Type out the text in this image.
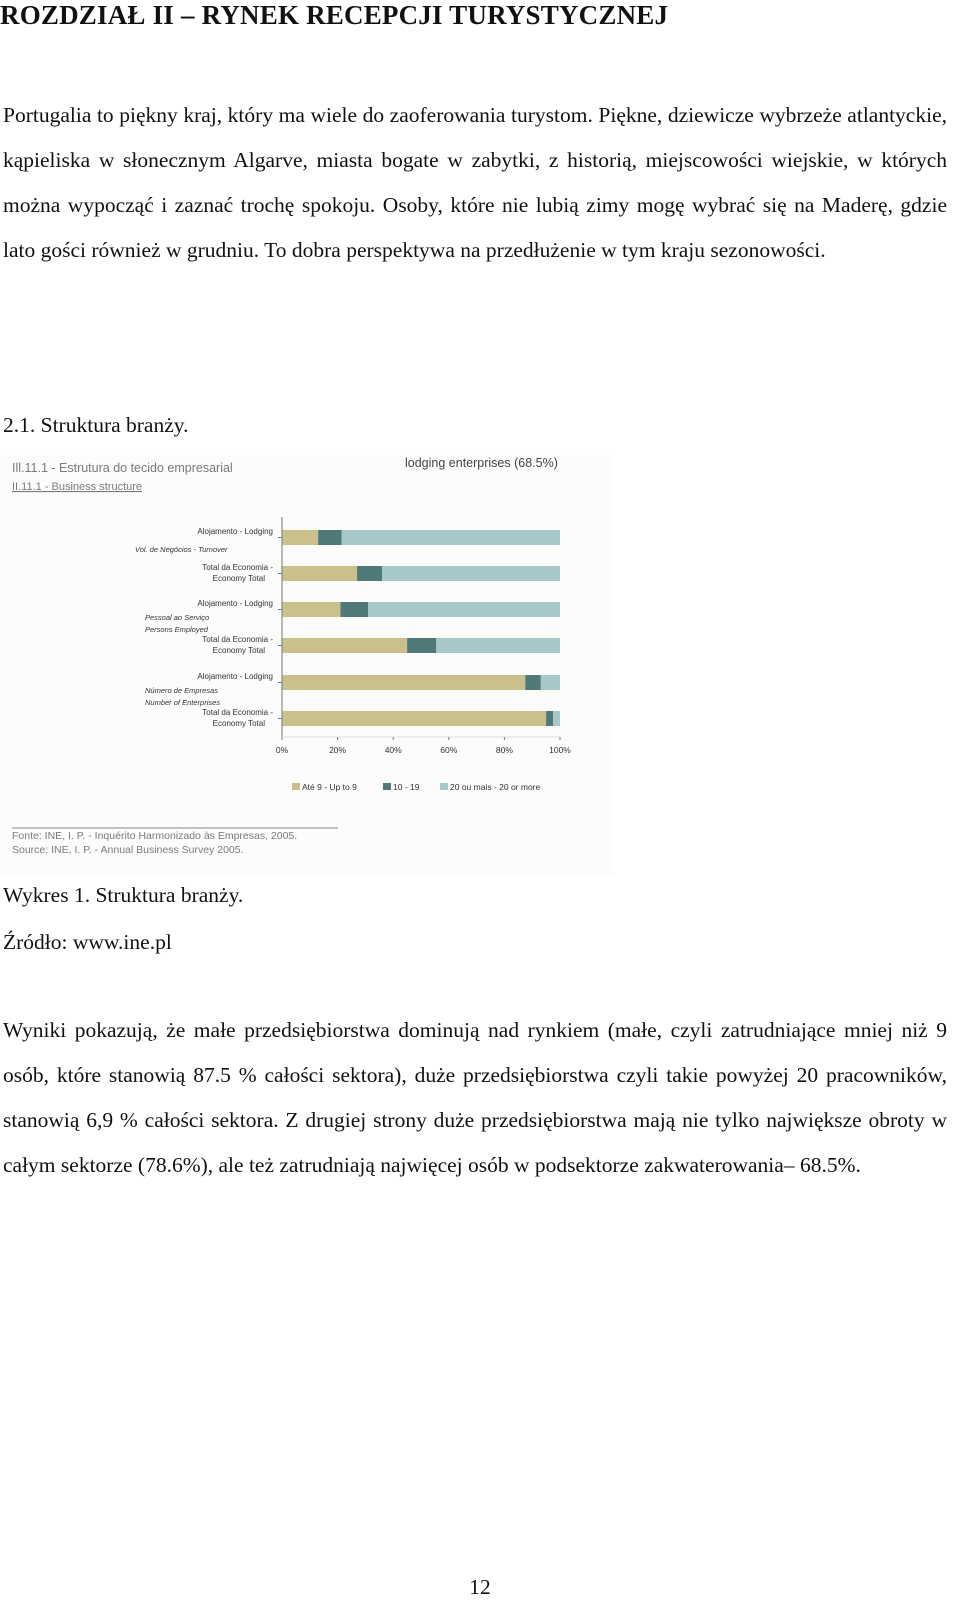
ROZDZIAŁ II – RYNEK RECEPCJI TURYSTYCZNEJ

Portugalia to piękny kraj, który ma wiele do zaoferowania turystom. Piękne, dziewicze wybrzeże atlantyckie, kąpieliska w słonecznym Algarve, miasta bogate w zabytki, z historią, miejscowości wiejskie, w których można wypocząć i zaznać trochę spokoju. Osoby, które nie lubią zimy mogę wybrać się na Maderę, gdzie lato gości również w grudniu. To dobra perspektywa na przedłużenie w tym kraju sezonowości.

2.1. Struktura branży.
Ill.11.1 - Estrutura do tecido empresarial
II.11.1 - Business structure
lodging enterprises (68.5%)
Alojamento - Lodging
Total da Economia -
Economy Total
Alojamento - Lodging
Total da Economia -
Economy Total
Alojamento - Lodging
Total da Economia -
Economy Total
Vol. de Negócios - Turnover
Pessoal ao Serviço
Persons Employed
Número de Empresas
Number of Enterprises
0%	20%	40%	60%	80%	100%
Até 9 - Up to 9	10 - 19	20 ou mais - 20 or more
Fonte: INE, I. P. - Inquérito Harmonizado às Empresas, 2005.
Source: INE, I. P. - Annual Business Survey 2005.
Wykres 1. Struktura branży.
Źródło: www.ine.pl

Wyniki pokazują, że małe przedsiębiorstwa dominują nad rynkiem (małe, czyli zatrudniające mniej niż 9 osób, które stanowią 87.5 % całości sektora), duże przedsiębiorstwa czyli takie powyżej 20 pracowników, stanowią 6,9 % całości sektora. Z drugiej strony duże przedsiębiorstwa mają nie tylko największe obroty w całym sektorze (78.6%), ale też zatrudniają najwięcej osób w podsektorze zakwaterowania– 68.5%.

12
